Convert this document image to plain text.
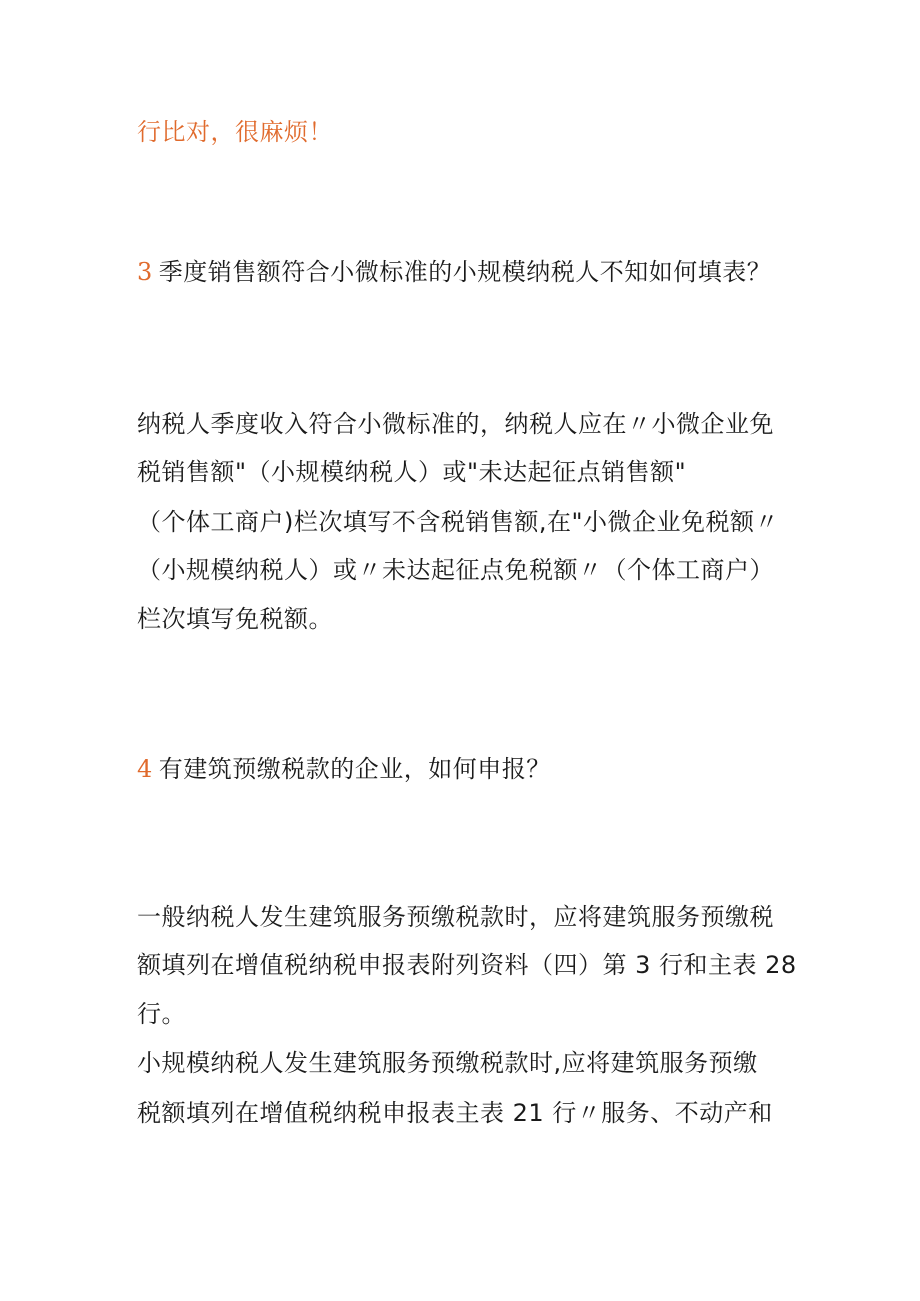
行比对，很麻烦！
3 季度销售额符合小微标准的小规模纳税人不知如何填表？
纳税人季度收入符合小微标准的，纳税人应在〃小微企业免
税销售额"（小规模纳税人）或"未达起征点销售额"
（个体工商户)栏次填写不含税销售额,在"小微企业免税额〃
（小规模纳税人）或〃未达起征点免税额〃（个体工商户）
栏次填写免税额。
4 有建筑预缴税款的企业，如何申报？
一般纳税人发生建筑服务预缴税款时，应将建筑服务预缴税
额填列在增值税纳税申报表附列资料（四）第 3 行和主表 28
行。
小规模纳税人发生建筑服务预缴税款时,应将建筑服务预缴
税额填列在增值税纳税申报表主表 21 行〃服务、不动产和
